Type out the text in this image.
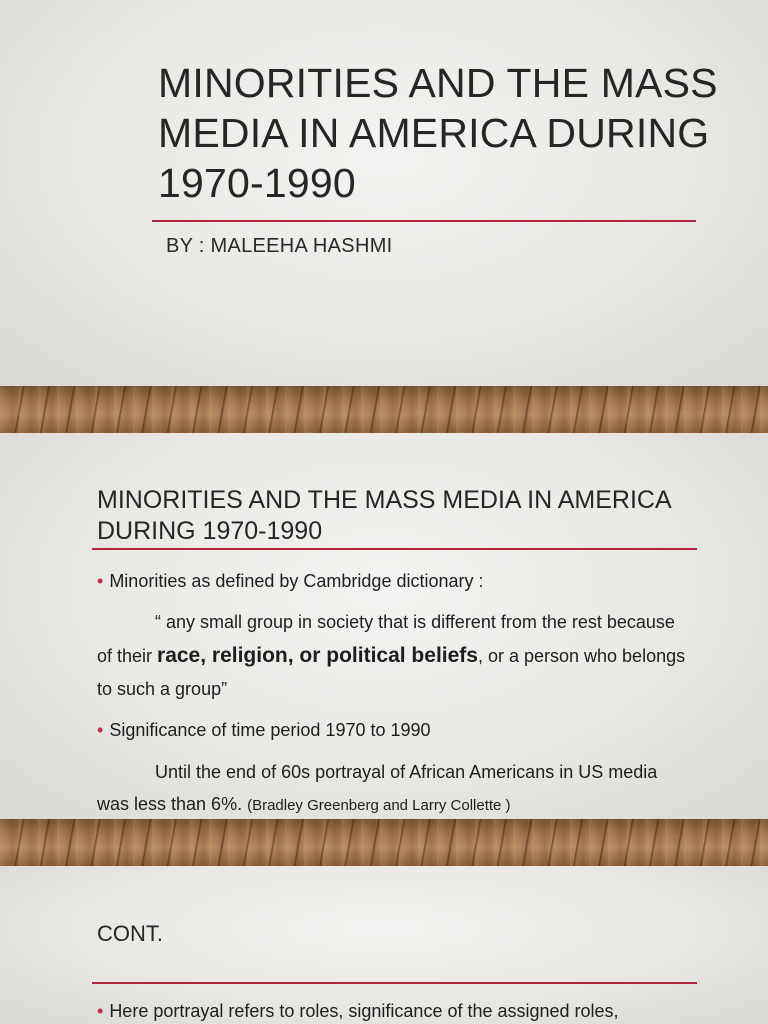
MINORITIES AND THE MASS MEDIA IN AMERICA DURING 1970-1990
BY : MALEEHA HASHMI
MINORITIES AND THE MASS MEDIA IN AMERICA DURING 1970-1990
• Minorities as defined by Cambridge dictionary :
“ any small group in society that is different from the rest because of their race, religion, or political beliefs, or a person who belongs to such a group”
• Significance of time period 1970 to 1990
Until the end of 60s portrayal of African Americans in US media was less than 6%. (Bradley Greenberg and Larry Collette )
CONT.
• Here portrayal refers to roles, significance of the assigned roles,
